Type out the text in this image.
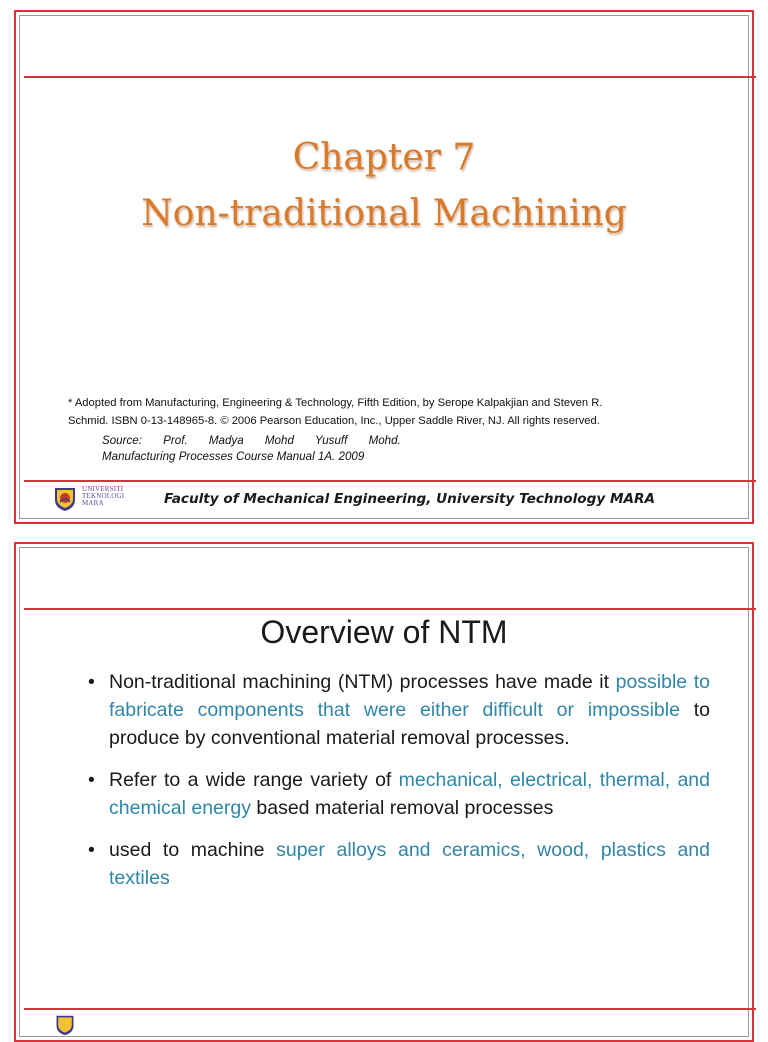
Chapter 7
Non-traditional Machining
* Adopted from Manufacturing, Engineering & Technology, Fifth Edition, by Serope Kalpakjian and Steven R.
Schmid. ISBN 0-13-148965-8. © 2006 Pearson Education, Inc., Upper Saddle River, NJ. All rights reserved.
Source: Prof. Madya Mohd Yusuff Mohd.
Manufacturing Processes Course Manual 1A. 2009
UNIVERSITI
TEKNOLOGI
MARA	Faculty of Mechanical Engineering, University Technology MARA
Overview of NTM
• Non-traditional machining (NTM) processes have made it possible to fabricate components that were either difficult or impossible to produce by conventional material removal processes.
• Refer to a wide range variety of mechanical, electrical, thermal, and chemical energy based material removal processes
• used to machine super alloys and ceramics, wood, plastics and textiles
